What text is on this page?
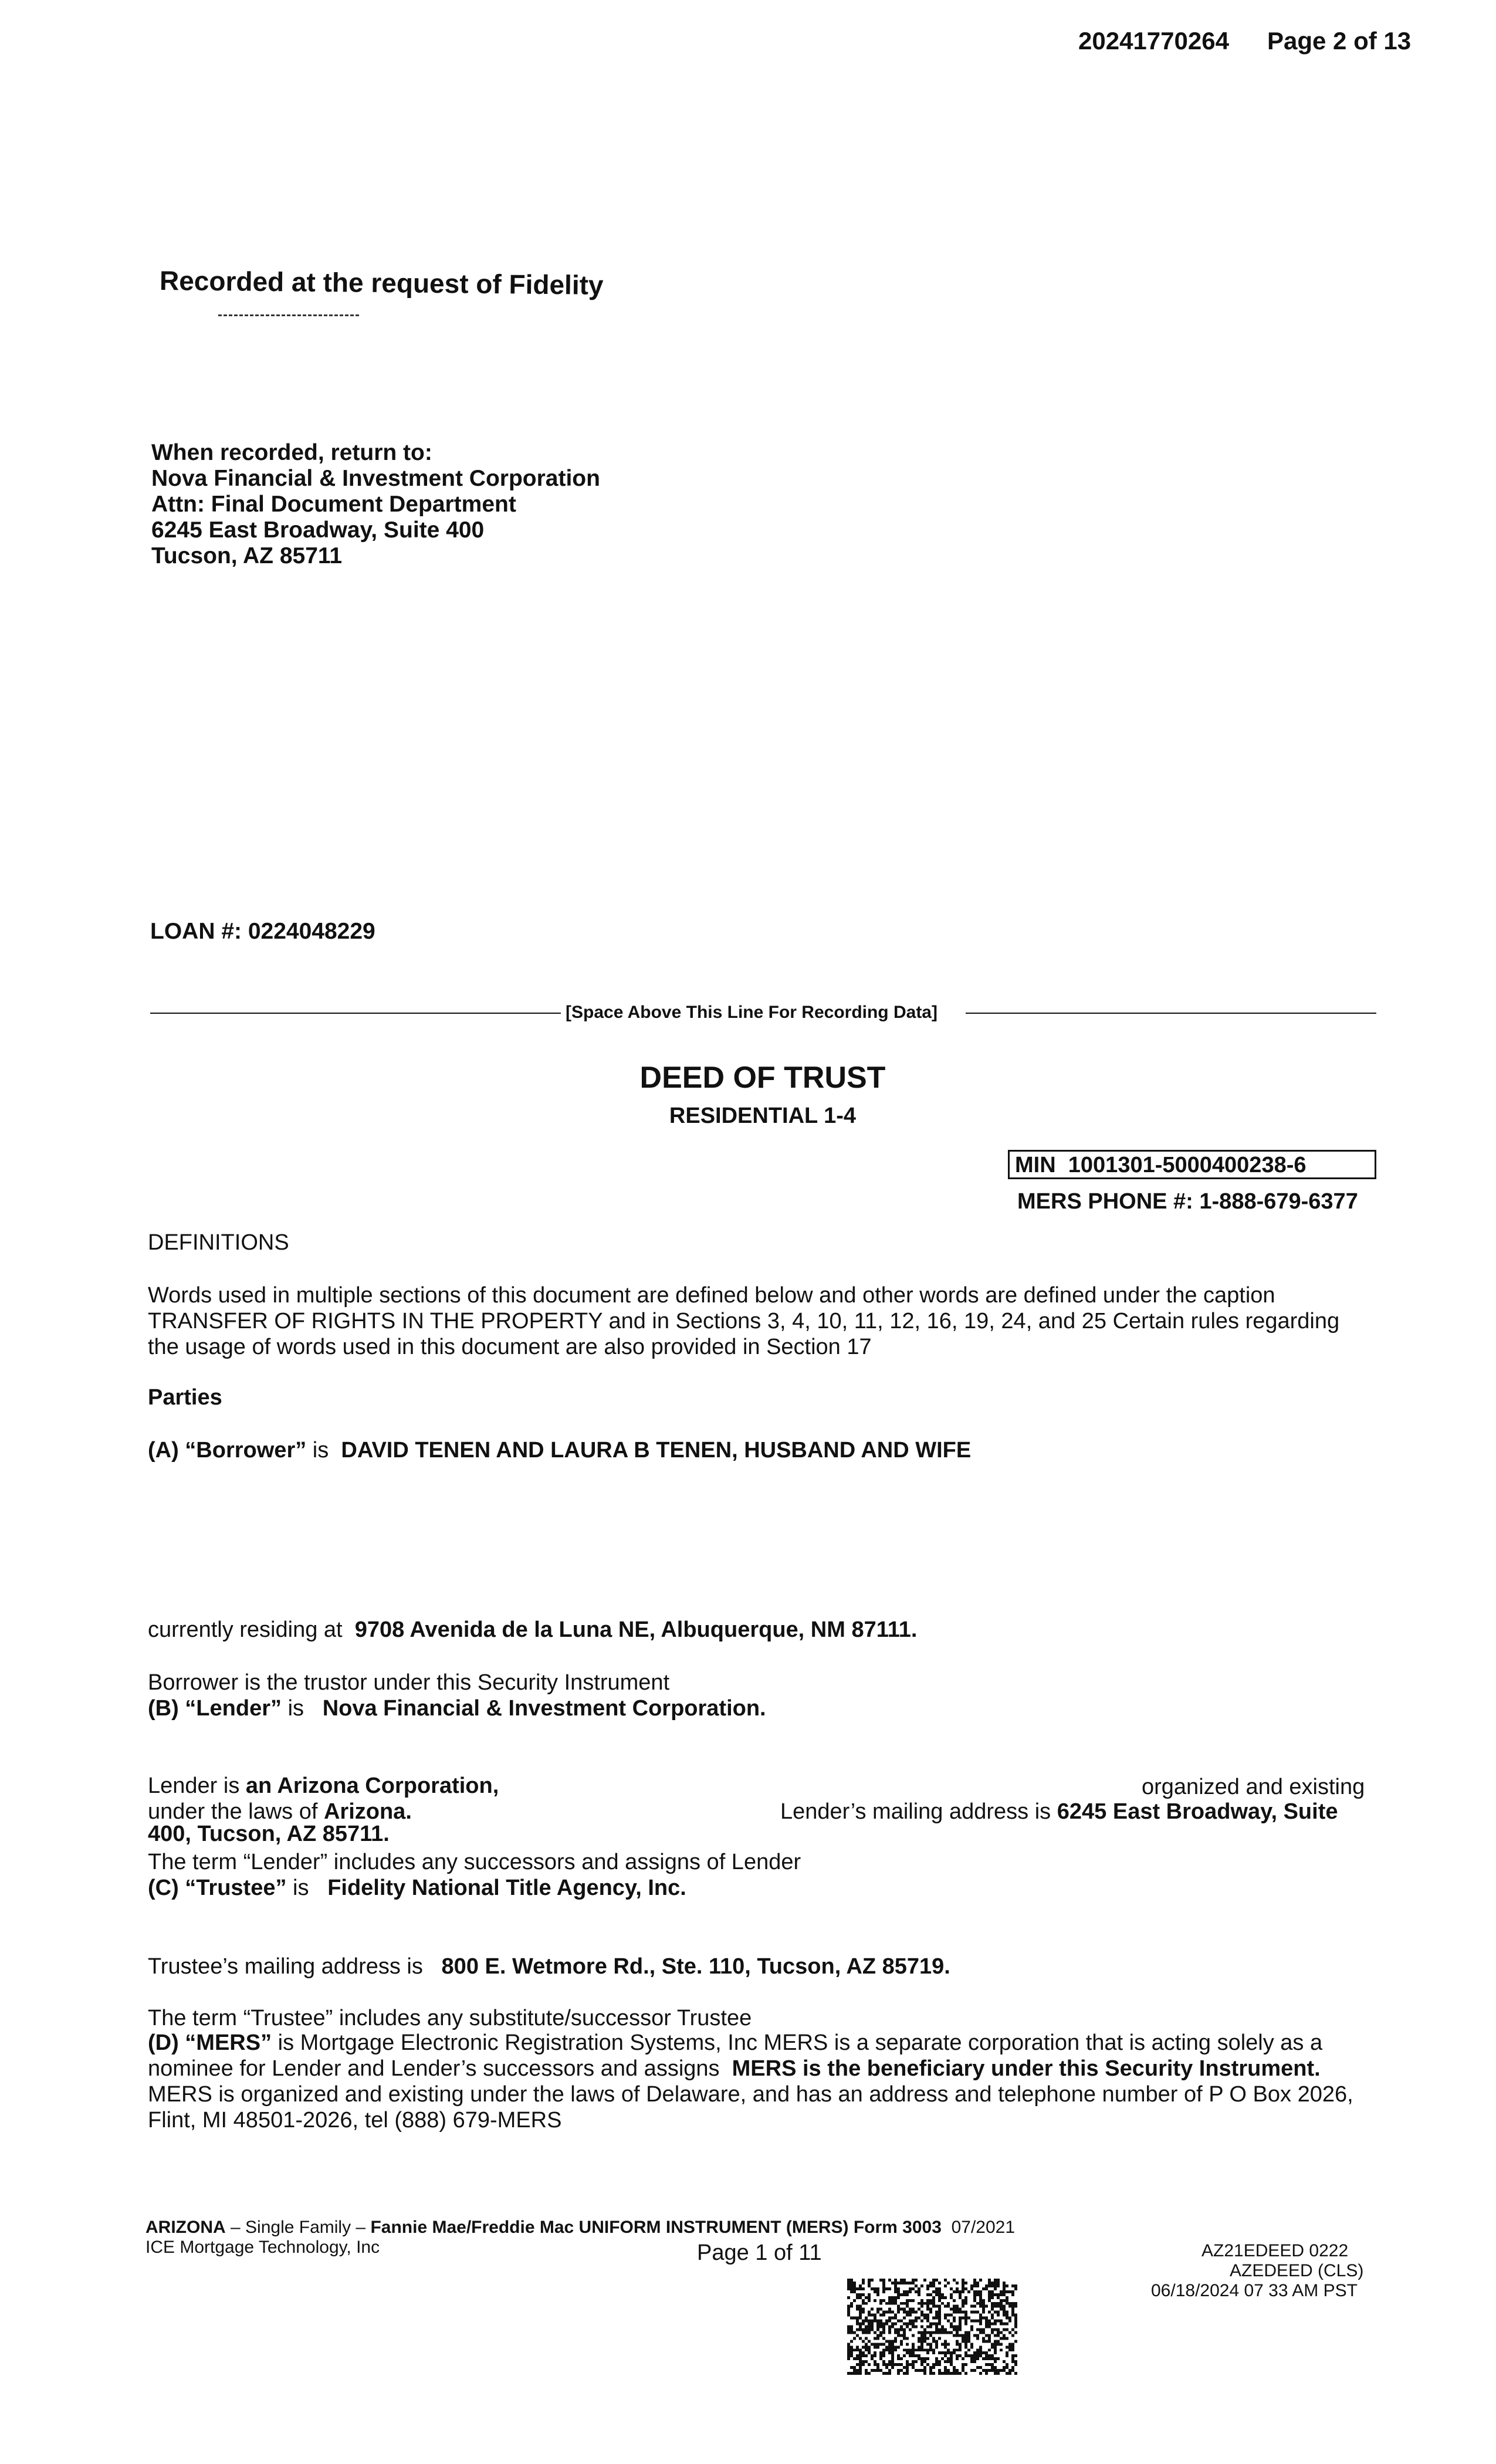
20241770264 Page 2 of 13
Recorded at the request of Fidelity
When recorded, return to:
Nova Financial & Investment Corporation
Attn: Final Document Department
6245 East Broadway, Suite 400
Tucson, AZ 85711
LOAN #: 0224048229
[Space Above This Line For Recording Data]
DEED OF TRUST
RESIDENTIAL 1-4
MIN 1001301-5000400238-6
MERS PHONE #: 1-888-679-6377
DEFINITIONS
Words used in multiple sections of this document are defined below and other words are defined under the caption TRANSFER OF RIGHTS IN THE PROPERTY and in Sections 3, 4, 10, 11, 12, 16, 19, 24, and 25 Certain rules regarding the usage of words used in this document are also provided in Section 17
Parties
(A) “Borrower” is DAVID TENEN AND LAURA B TENEN, HUSBAND AND WIFE
currently residing at 9708 Avenida de la Luna NE, Albuquerque, NM 87111.
Borrower is the trustor under this Security Instrument
(B) “Lender” is Nova Financial & Investment Corporation.
Lender is an Arizona Corporation,	organized and existing
under the laws of Arizona.	Lender’s mailing address is 6245 East Broadway, Suite
400, Tucson, AZ 85711.
The term “Lender” includes any successors and assigns of Lender
(C) “Trustee” is Fidelity National Title Agency, Inc.
Trustee’s mailing address is 800 E. Wetmore Rd., Ste. 110, Tucson, AZ 85719.
The term “Trustee” includes any substitute/successor Trustee
(D) “MERS” is Mortgage Electronic Registration Systems, Inc MERS is a separate corporation that is acting solely as a nominee for Lender and Lender’s successors and assigns MERS is the beneficiary under this Security Instrument. MERS is organized and existing under the laws of Delaware, and has an address and telephone number of P O Box 2026, Flint, MI 48501-2026, tel (888) 679-MERS
ARIZONA – Single Family – Fannie Mae/Freddie Mac UNIFORM INSTRUMENT (MERS) Form 3003 07/2021
ICE Mortgage Technology, Inc	Page 1 of 11	AZ21EDEED 0222
AZEDEED (CLS)
06/18/2024 07 33 AM PST
